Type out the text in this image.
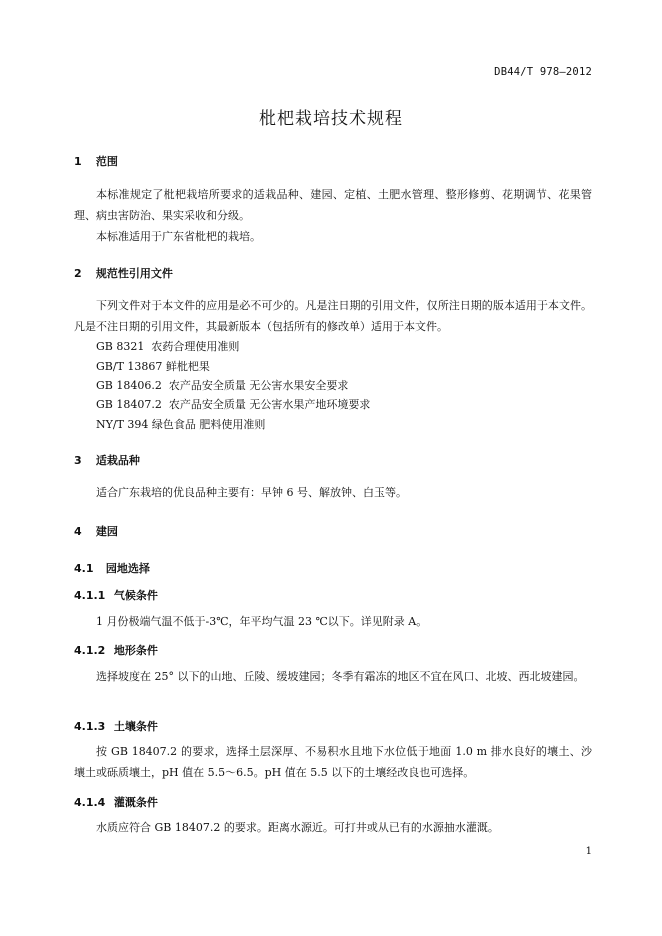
DB44/T 978—2012
枇杷栽培技术规程
1 范围

本标准规定了枇杷栽培所要求的适栽品种、建园、定植、土肥水管理、整形修剪、花期调节、花果管理、病虫害防治、果实采收和分级。

本标准适用于广东省枇杷的栽培。

2 规范性引用文件

下列文件对于本文件的应用是必不可少的。凡是注日期的引用文件，仅所注日期的版本适用于本文件。凡是不注日期的引用文件，其最新版本（包括所有的修改单）适用于本文件。

GB 8321  农药合理使用准则
GB/T 13867 鲜枇杷果
GB 18406.2  农产品安全质量 无公害水果安全要求
GB 18407.2  农产品安全质量 无公害水果产地环境要求
NY/T 394 绿色食品 肥料使用准则
3 适栽品种

适合广东栽培的优良品种主要有：早钟 6 号、解放钟、白玉等。

4 建园
4.1 园地选择
4.1.1 气候条件

1 月份极端气温不低于-3℃，年平均气温 23 ℃以下。详见附录 A。

4.1.2 地形条件

选择坡度在 25° 以下的山地、丘陵、缓坡建园；冬季有霜冻的地区不宜在风口、北坡、西北坡建园。

4.1.3 土壤条件

按 GB 18407.2 的要求，选择土层深厚、不易积水且地下水位低于地面 1.0 m 排水良好的壤土、沙壤土或砾质壤土，pH 值在 5.5～6.5。pH 值在 5.5 以下的土壤经改良也可选择。

4.1.4 灌溉条件

水质应符合 GB 18407.2 的要求。距离水源近。可打井或从已有的水源抽水灌溉。

1
